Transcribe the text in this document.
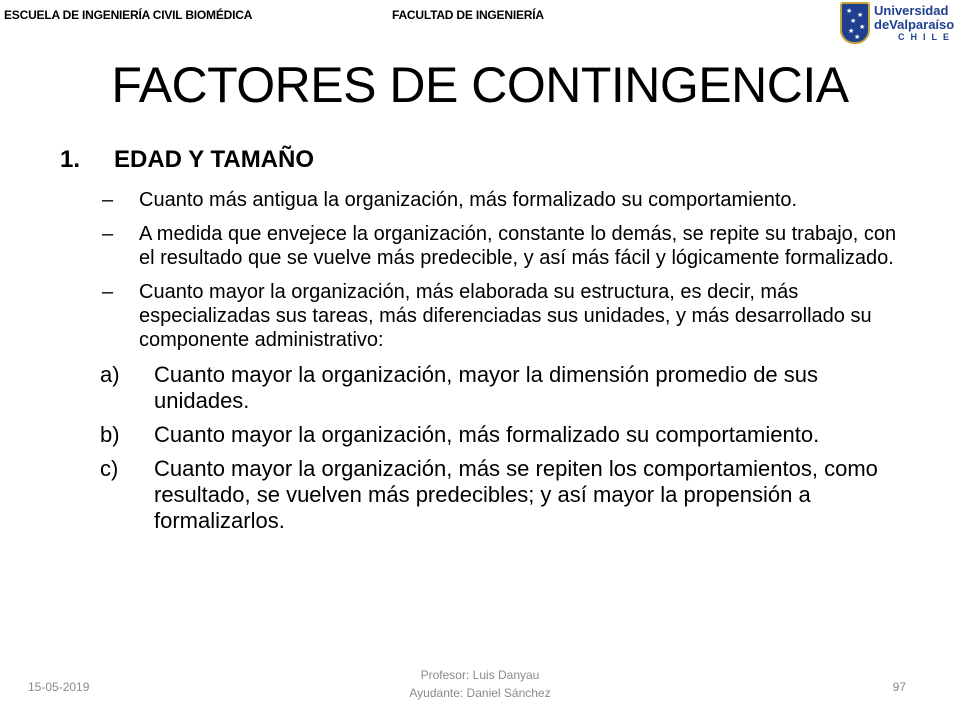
ESCUELA DE INGENIERÍA CIVIL BIOMÉDICA	FACULTAD DE INGENIERÍA	★
★
★
★
★
★
Universidad
deValparaíso
CHILE
FACTORES DE CONTINGENCIA
1.	EDAD Y TAMAÑO
–	Cuanto más antigua la organización, más formalizado su comportamiento.
–	A medida que envejece la organización, constante lo demás, se repite su trabajo, con el resultado que se vuelve más predecible, y así más fácil y lógicamente formalizado.
–	Cuanto mayor la organización, más elaborada su estructura, es decir, más especializadas sus tareas, más diferenciadas sus unidades, y más desarrollado su componente administrativo:
a)	Cuanto mayor la organización, mayor la dimensión promedio de sus unidades.
b)	Cuanto mayor la organización, más formalizado su comportamiento.
c)	Cuanto mayor la organización, más se repiten los comportamientos, como resultado, se vuelven más predecibles; y así mayor la propensión a formalizarlos.
15-05-2019
Profesor: Luis Danyau
Ayudante: Daniel Sánchez	97
